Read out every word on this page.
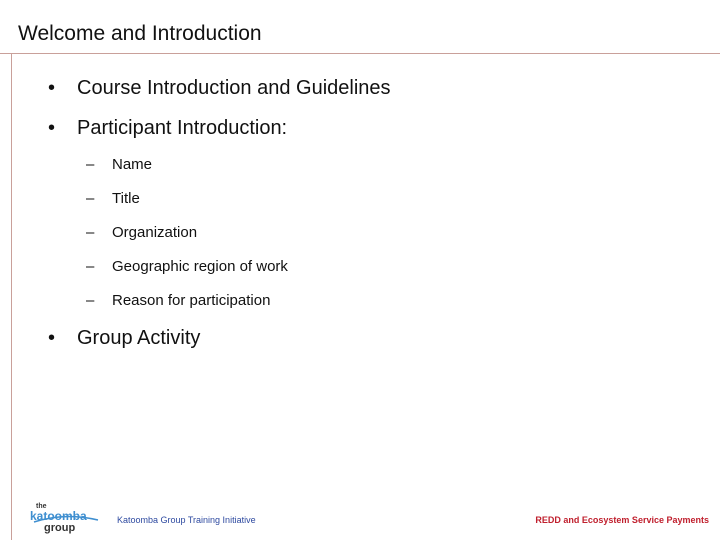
Welcome and Introduction
• Course Introduction and Guidelines
• Participant Introduction:
– Name
– Title
– Organization
– Geographic region of work
– Reason for participation
• Group Activity
the
katoomba
group
Katoomba Group Training Initiative	REDD and Ecosystem Service Payments
